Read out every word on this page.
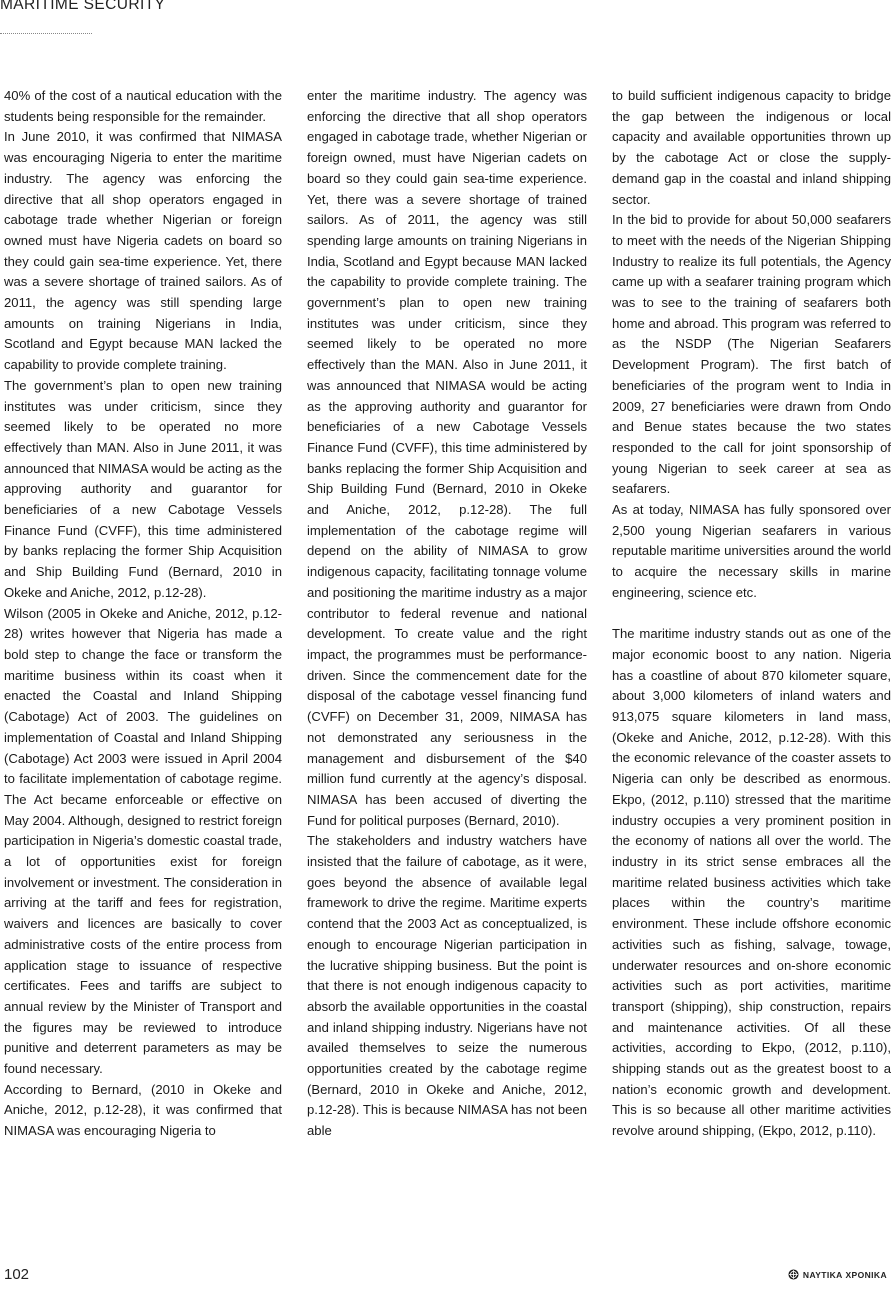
MARITIME SECURITY

40% of the cost of a nautical education with the students being responsible for the remainder.

In June 2010, it was confirmed that NIMASA was encouraging Nigeria to enter the maritime industry. The agency was enforcing the directive that all shop operators engaged in cabotage trade whether Nigerian or foreign owned must have Nigeria cadets on board so they could gain sea-time experience. Yet, there was a severe shortage of trained sailors. As of 2011, the agency was still spending large amounts on training Nigerians in India, Scotland and Egypt because MAN lacked the capability to provide complete training.

The government’s plan to open new training institutes was under criticism, since they seemed likely to be operated no more effectively than MAN. Also in June 2011, it was announced that NIMASA would be acting as the approving authority and guarantor for beneficiaries of a new Cabotage Vessels Finance Fund (CVFF), this time administered by banks replacing the former Ship Acquisition and Ship Building Fund (Bernard, 2010 in Okeke and Aniche, 2012, p.12-28).

Wilson (2005 in Okeke and Aniche, 2012, p.12-28) writes however that Nigeria has made a bold step to change the face or transform the maritime business within its coast when it enacted the Coastal and Inland Shipping (Cabotage) Act of 2003. The guidelines on implementation of Coastal and Inland Shipping (Cabotage) Act 2003 were issued in April 2004 to facilitate implementation of cabotage regime. The Act became enforceable or effective on May 2004. Although, designed to restrict foreign participation in Nigeria’s domestic coastal trade, a lot of opportunities exist for foreign involvement or investment. The consideration in arriving at the tariff and fees for registration, waivers and licences are basically to cover administrative costs of the entire process from application stage to issuance of respective certificates. Fees and tariffs are subject to annual review by the Minister of Transport and the figures may be reviewed to introduce punitive and deterrent parameters as may be found necessary.

According to Bernard, (2010 in Okeke and Aniche, 2012, p.12-28), it was confirmed that NIMASA was encouraging Nigeria to

enter the maritime industry. The agency was enforcing the directive that all shop operators engaged in cabotage trade, whether Nigerian or foreign owned, must have Nigerian cadets on board so they could gain sea-time experience. Yet, there was a severe shortage of trained sailors. As of 2011, the agency was still spending large amounts on training Nigerians in India, Scotland and Egypt because MAN lacked the capability to provide complete training. The government’s plan to open new training institutes was under criticism, since they seemed likely to be operated no more effectively than the MAN. Also in June 2011, it was announced that NIMASA would be acting as the approving authority and guarantor for beneficiaries of a new Cabotage Vessels Finance Fund (CVFF), this time administered by banks replacing the former Ship Acquisition and Ship Building Fund (Bernard, 2010 in Okeke and Aniche, 2012, p.12-28). The full implementation of the cabotage regime will depend on the ability of NIMASA to grow indigenous capacity, facilitating tonnage volume and positioning the maritime industry as a major contributor to federal revenue and national development. To create value and the right impact, the programmes must be performance-driven. Since the commencement date for the disposal of the cabotage vessel financing fund (CVFF) on December 31, 2009, NIMASA has not demonstrated any seriousness in the management and disbursement of the $40 million fund currently at the agency’s disposal. NIMASA has been accused of diverting the Fund for political purposes (Bernard, 2010).

The stakeholders and industry watchers have insisted that the failure of cabotage, as it were, goes beyond the absence of available legal framework to drive the regime. Maritime experts contend that the 2003 Act as conceptualized, is enough to encourage Nigerian participation in the lucrative shipping business. But the point is that there is not enough indigenous capacity to absorb the available opportunities in the coastal and inland shipping industry. Nigerians have not availed themselves to seize the numerous opportunities created by the cabotage regime (Bernard, 2010 in Okeke and Aniche, 2012, p.12-28). This is because NIMASA has not been able

to build sufficient indigenous capacity to bridge the gap between the indigenous or local capacity and available opportunities thrown up by the cabotage Act or close the supply-demand gap in the coastal and inland shipping sector.

In the bid to provide for about 50,000 seafarers to meet with the needs of the Nigerian Shipping Industry to realize its full potentials, the Agency came up with a seafarer training program which was to see to the training of seafarers both home and abroad. This program was referred to as the NSDP (The Nigerian Seafarers Development Program). The first batch of beneficiaries of the program went to India in 2009, 27 beneficiaries were drawn from Ondo and Benue states because the two states responded to the call for joint sponsorship of young Nigerian to seek career at sea as seafarers.

As at today, NIMASA has fully sponsored over 2,500 young Nigerian seafarers in various reputable maritime universities around the world to acquire the necessary skills in marine engineering, science etc.

The maritime industry stands out as one of the major economic boost to any nation. Nigeria has a coastline of about 870 kilometer square, about 3,000 kilometers of inland waters and 913,075 square kilometers in land mass, (Okeke and Aniche, 2012, p.12-28). With this the economic relevance of the coaster assets to Nigeria can only be described as enormous. Ekpo, (2012, p.110) stressed that the maritime industry occupies a very prominent position in the economy of nations all over the world. The industry in its strict sense embraces all the maritime related business activities which take places within the country’s maritime environment. These include offshore economic activities such as fishing, salvage, towage, underwater resources and on-shore economic activities such as port activities, maritime transport (shipping), ship construction, repairs and maintenance activities. Of all these activities, according to Ekpo, (2012, p.110), shipping stands out as the greatest boost to a nation’s economic growth and development. This is so because all other maritime activities revolve around shipping, (Ekpo, 2012, p.110).

102	ΝΑΥΤΙΚΑ ΧΡΟΝΙΚΑ
